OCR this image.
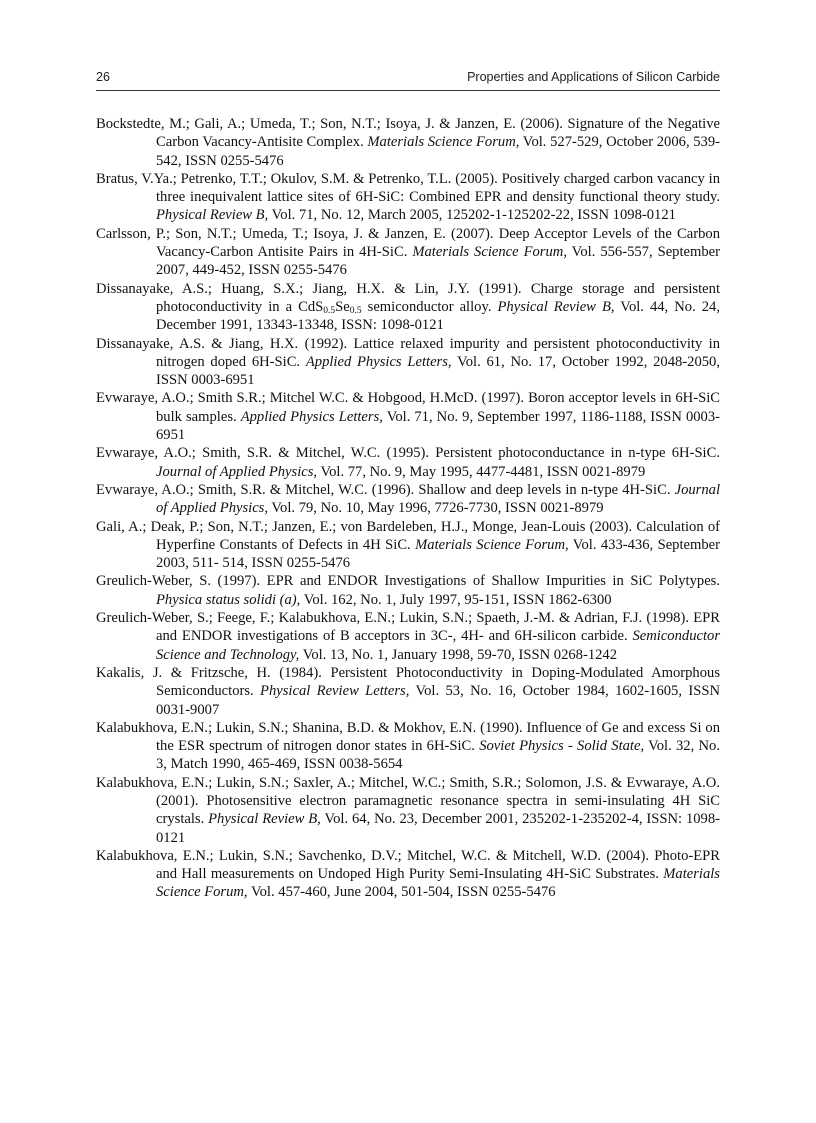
26	Properties and Applications of Silicon Carbide

Bockstedte, M.; Gali, A.; Umeda, T.; Son, N.T.; Isoya, J. & Janzen, E. (2006). Signature of the Negative Carbon Vacancy-Antisite Complex. Materials Science Forum, Vol. 527-529, October 2006, 539-542, ISSN 0255-5476

Bratus, V.Ya.; Petrenko, T.T.; Okulov, S.M. & Petrenko, T.L. (2005). Positively charged carbon vacancy in three inequivalent lattice sites of 6H-SiC: Combined EPR and density functional theory study. Physical Review B, Vol. 71, No. 12, March 2005, 125202-1-125202-22, ISSN 1098-0121

Carlsson, P.; Son, N.T.; Umeda, T.; Isoya, J. & Janzen, E. (2007). Deep Acceptor Levels of the Carbon Vacancy-Carbon Antisite Pairs in 4H-SiC. Materials Science Forum, Vol. 556-557, September 2007, 449-452, ISSN 0255-5476

Dissanayake, A.S.; Huang, S.X.; Jiang, H.X. & Lin, J.Y. (1991). Charge storage and persistent photoconductivity in a $CdS_{0.5}Se_{0.5}$ semiconductor alloy. Physical Review B, Vol. 44, No. 24, December 1991, 13343-13348, ISSN: 1098-0121

Dissanayake, A.S. & Jiang, H.X. (1992). Lattice relaxed impurity and persistent photoconductivity in nitrogen doped 6H-SiC. Applied Physics Letters, Vol. 61, No. 17, October 1992, 2048-2050, ISSN 0003-6951

Evwaraye, A.O.; Smith S.R.; Mitchel W.C. & Hobgood, H.McD. (1997). Boron acceptor levels in 6H-SiC bulk samples. Applied Physics Letters, Vol. 71, No. 9, September 1997, 1186-1188, ISSN 0003-6951

Evwaraye, A.O.; Smith, S.R. & Mitchel, W.C. (1995). Persistent photoconductance in n-type 6H-SiC. Journal of Applied Physics, Vol. 77, No. 9, May 1995, 4477-4481, ISSN 0021-8979

Evwaraye, A.O.; Smith, S.R. & Mitchel, W.C. (1996). Shallow and deep levels in n-type 4H-SiC. Journal of Applied Physics, Vol. 79, No. 10, May 1996, 7726-7730, ISSN 0021-8979

Gali, A.; Deak, P.; Son, N.T.; Janzen, E.; von Bardeleben, H.J., Monge, Jean-Louis (2003). Calculation of Hyperfine Constants of Defects in 4H SiC. Materials Science Forum, Vol. 433-436, September 2003, 511- 514, ISSN 0255-5476

Greulich-Weber, S. (1997). EPR and ENDOR Investigations of Shallow Impurities in SiC Polytypes. Physica status solidi (a), Vol. 162, No. 1, July 1997, 95-151, ISSN 1862-6300

Greulich-Weber, S.; Feege, F.; Kalabukhova, E.N.; Lukin, S.N.; Spaeth, J.-M. & Adrian, F.J. (1998). EPR and ENDOR investigations of B acceptors in 3C-, 4H- and 6H-silicon carbide. Semiconductor Science and Technology, Vol. 13, No. 1, January 1998, 59-70, ISSN 0268-1242

Kakalis, J. & Fritzsche, H. (1984). Persistent Photoconductivity in Doping-Modulated Amorphous Semiconductors. Physical Review Letters, Vol. 53, No. 16, October 1984, 1602-1605, ISSN 0031-9007

Kalabukhova, E.N.; Lukin, S.N.; Shanina, B.D. & Mokhov, E.N. (1990). Influence of Ge and excess Si on the ESR spectrum of nitrogen donor states in 6H-SiC. Soviet Physics - Solid State, Vol. 32, No. 3, Match 1990, 465-469, ISSN 0038-5654

Kalabukhova, E.N.; Lukin, S.N.; Saxler, A.; Mitchel, W.C.; Smith, S.R.; Solomon, J.S. & Evwaraye, A.O. (2001). Photosensitive electron paramagnetic resonance spectra in semi-insulating 4H SiC crystals. Physical Review B, Vol. 64, No. 23, December 2001, 235202-1-235202-4, ISSN: 1098-0121

Kalabukhova, E.N.; Lukin, S.N.; Savchenko, D.V.; Mitchel, W.C. & Mitchell, W.D. (2004). Photo-EPR and Hall measurements on Undoped High Purity Semi-Insulating 4H-SiC Substrates. Materials Science Forum, Vol. 457-460, June 2004, 501-504, ISSN 0255-5476
